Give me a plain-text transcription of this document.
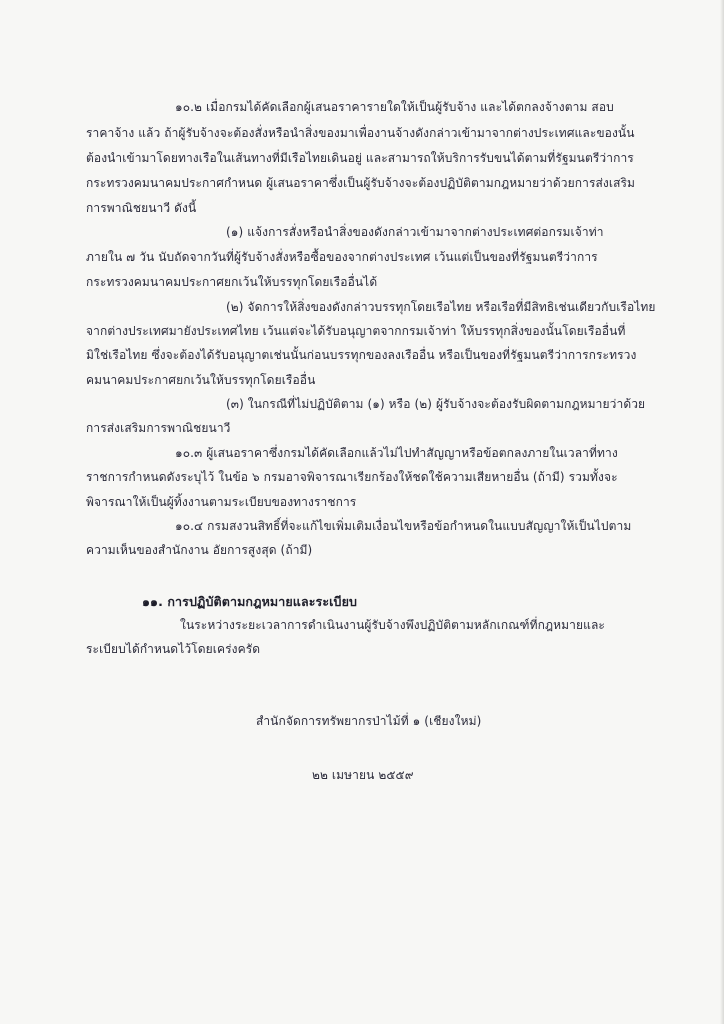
๑๐.๒ เมื่อกรมได้คัดเลือกผู้เสนอราคารายใดให้เป็นผู้รับจ้าง และได้ตกลงจ้างตาม สอบ
ราคาจ้าง แล้ว ถ้าผู้รับจ้างจะต้องสั่งหรือนำสิ่งของมาเพื่องานจ้างดังกล่าวเข้ามาจากต่างประเทศและของนั้น
ต้องนำเข้ามาโดยทางเรือในเส้นทางที่มีเรือไทยเดินอยู่ และสามารถให้บริการรับขนได้ตามที่รัฐมนตรีว่าการ
กระทรวงคมนาคมประกาศกำหนด ผู้เสนอราคาซึ่งเป็นผู้รับจ้างจะต้องปฏิบัติตามกฎหมายว่าด้วยการส่งเสริม
การพาณิชยนาวี ดังนี้
(๑) แจ้งการสั่งหรือนำสิ่งของดังกล่าวเข้ามาจากต่างประเทศต่อกรมเจ้าท่า
ภายใน ๗ วัน นับถัดจากวันที่ผู้รับจ้างสั่งหรือซื้อของจากต่างประเทศ เว้นแต่เป็นของที่รัฐมนตรีว่าการ
กระทรวงคมนาคมประกาศยกเว้นให้บรรทุกโดยเรืออื่นได้
(๒) จัดการให้สิ่งของดังกล่าวบรรทุกโดยเรือไทย หรือเรือที่มีสิทธิเช่นเดียวกับเรือไทย
จากต่างประเทศมายังประเทศไทย เว้นแต่จะได้รับอนุญาตจากกรมเจ้าท่า ให้บรรทุกสิ่งของนั้นโดยเรืออื่นที่
มิใช่เรือไทย ซึ่งจะต้องได้รับอนุญาตเช่นนั้นก่อนบรรทุกของลงเรืออื่น หรือเป็นของที่รัฐมนตรีว่าการกระทรวง
คมนาคมประกาศยกเว้นให้บรรทุกโดยเรืออื่น
(๓) ในกรณีที่ไม่ปฏิบัติตาม (๑) หรือ (๒) ผู้รับจ้างจะต้องรับผิดตามกฎหมายว่าด้วย
การส่งเสริมการพาณิชยนาวี
๑๐.๓ ผู้เสนอราคาซึ่งกรมได้คัดเลือกแล้วไม่ไปทำสัญญาหรือข้อตกลงภายในเวลาที่ทาง
ราชการกำหนดดังระบุไว้ ในข้อ ๖ กรมอาจพิจารณาเรียกร้องให้ชดใช้ความเสียหายอื่น (ถ้ามี) รวมทั้งจะ
พิจารณาให้เป็นผู้ทิ้งงานตามระเบียบของทางราชการ
๑๐.๔ กรมสงวนสิทธิ์ที่จะแก้ไขเพิ่มเติมเงื่อนไขหรือข้อกำหนดในแบบสัญญาให้เป็นไปตาม
ความเห็นของสำนักงาน อัยการสูงสุด (ถ้ามี)
๑๑. การปฏิบัติตามกฎหมายและระเบียบ
ในระหว่างระยะเวลาการดำเนินงานผู้รับจ้างพึงปฏิบัติตามหลักเกณฑ์ที่กฎหมายและ
ระเบียบได้กำหนดไว้โดยเคร่งครัด
สำนักจัดการทรัพยากรป่าไม้ที่ ๑ (เชียงใหม่)
๒๒ เมษายน ๒๕๕๙
